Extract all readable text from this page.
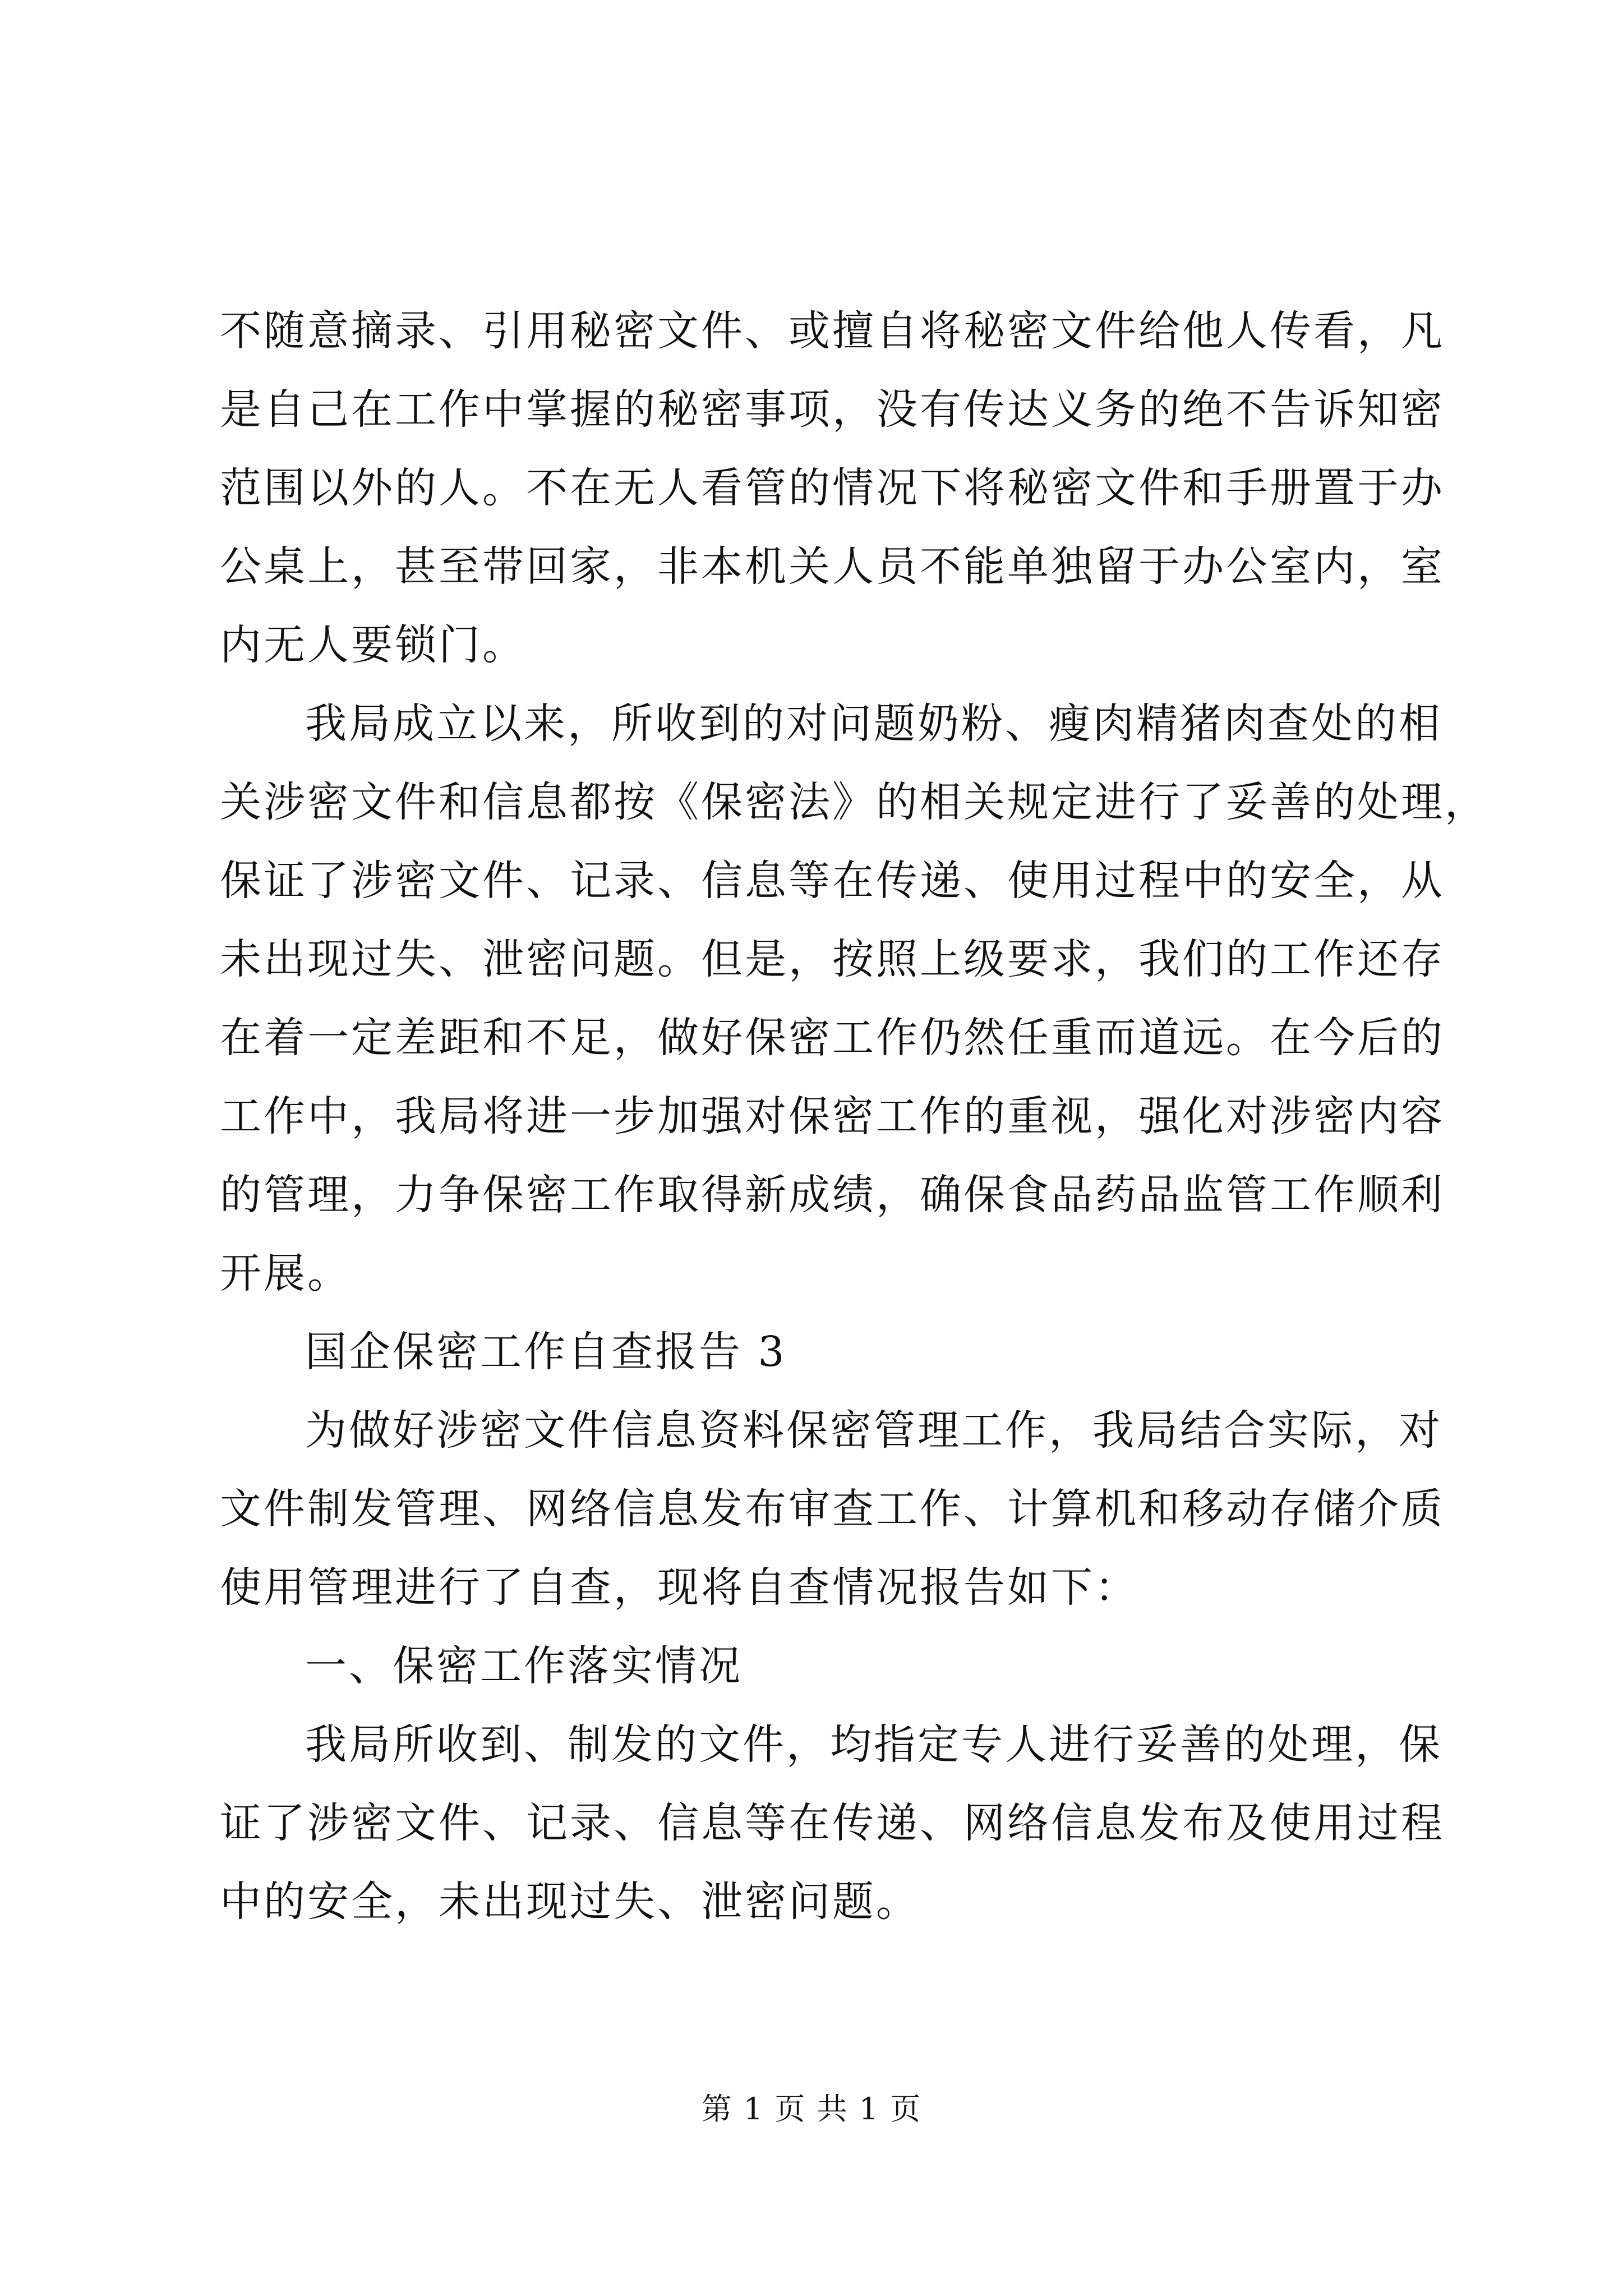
不随意摘录、引用秘密文件、或擅自将秘密文件给他人传看，凡
是自己在工作中掌握的秘密事项，没有传达义务的绝不告诉知密
范围以外的人。不在无人看管的情况下将秘密文件和手册置于办
公桌上，甚至带回家，非本机关人员不能单独留于办公室内，室
内无人要锁门。
我局成立以来，所收到的对问题奶粉、瘦肉精猪肉查处的相
关涉密文件和信息都按《保密法》的相关规定进行了妥善的处理，
保证了涉密文件、记录、信息等在传递、使用过程中的安全，从
未出现过失、泄密问题。但是，按照上级要求，我们的工作还存
在着一定差距和不足，做好保密工作仍然任重而道远。在今后的
工作中，我局将进一步加强对保密工作的重视，强化对涉密内容
的管理，力争保密工作取得新成绩，确保食品药品监管工作顺利
开展。
国企保密工作自查报告 3
为做好涉密文件信息资料保密管理工作，我局结合实际，对
文件制发管理、网络信息发布审查工作、计算机和移动存储介质
使用管理进行了自查，现将自查情况报告如下：
一、保密工作落实情况
我局所收到、制发的文件，均指定专人进行妥善的处理，保
证了涉密文件、记录、信息等在传递、网络信息发布及使用过程
中的安全，未出现过失、泄密问题。
第 1 页 共 1 页
